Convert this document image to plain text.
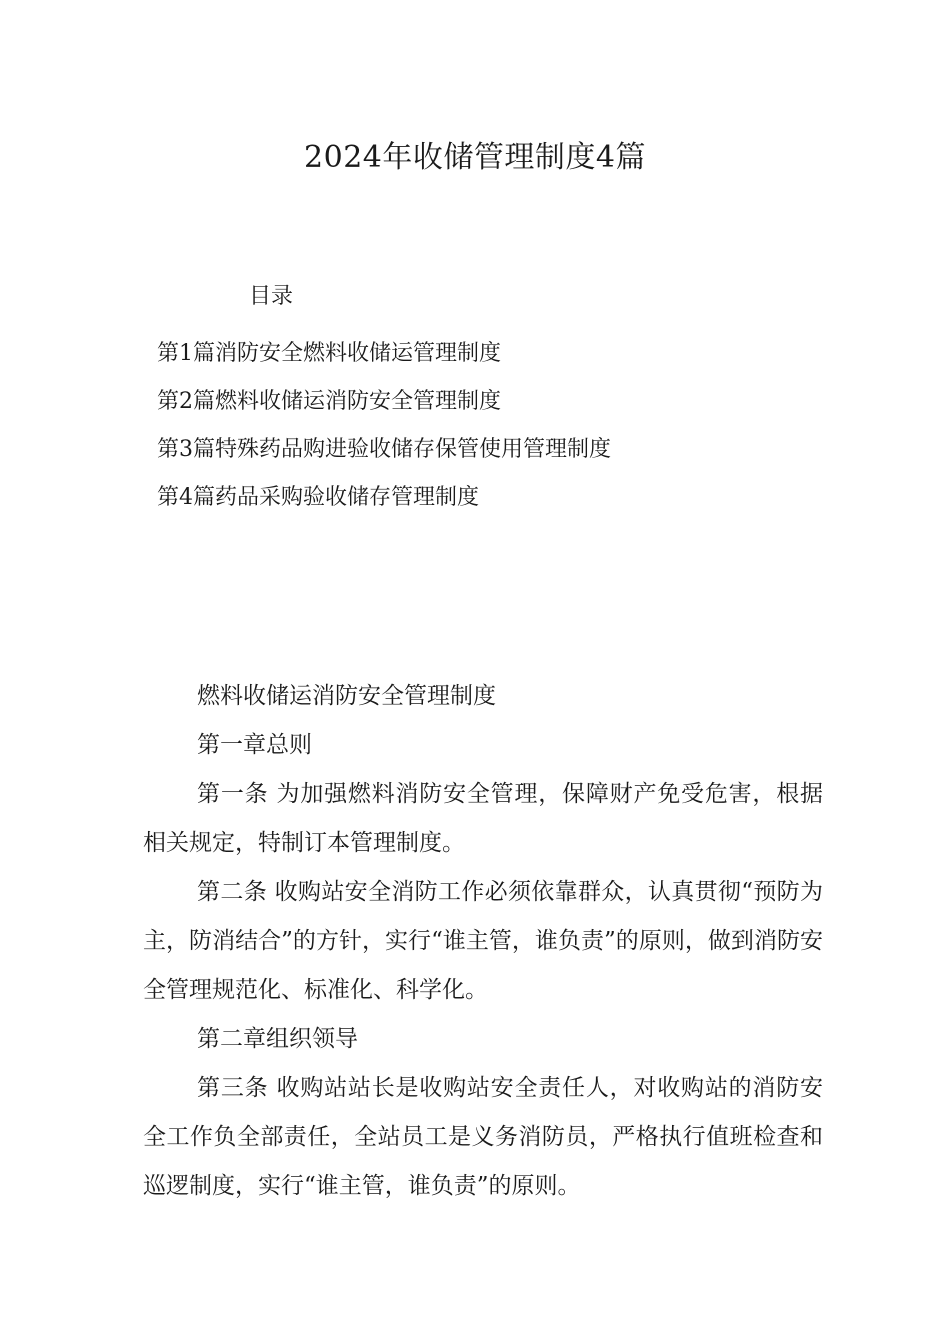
2024年收储管理制度4篇
目录
第1篇消防安全燃料收储运管理制度
第2篇燃料收储运消防安全管理制度
第3篇特殊药品购进验收储存保管使用管理制度
第4篇药品采购验收储存管理制度

燃料收储运消防安全管理制度

第一章总则

第一条 为加强燃料消防安全管理，保障财产免受危害，根据相关规定，特制订本管理制度。

第二条 收购站安全消防工作必须依靠群众，认真贯彻“预防为主，防消结合”的方针，实行“谁主管，谁负责”的原则，做到消防安全管理规范化、标准化、科学化。

第二章组织领导

第三条 收购站站长是收购站安全责任人，对收购站的消防安全工作负全部责任，全站员工是义务消防员，严格执行值班检查和巡逻制度，实行“谁主管，谁负责”的原则。
